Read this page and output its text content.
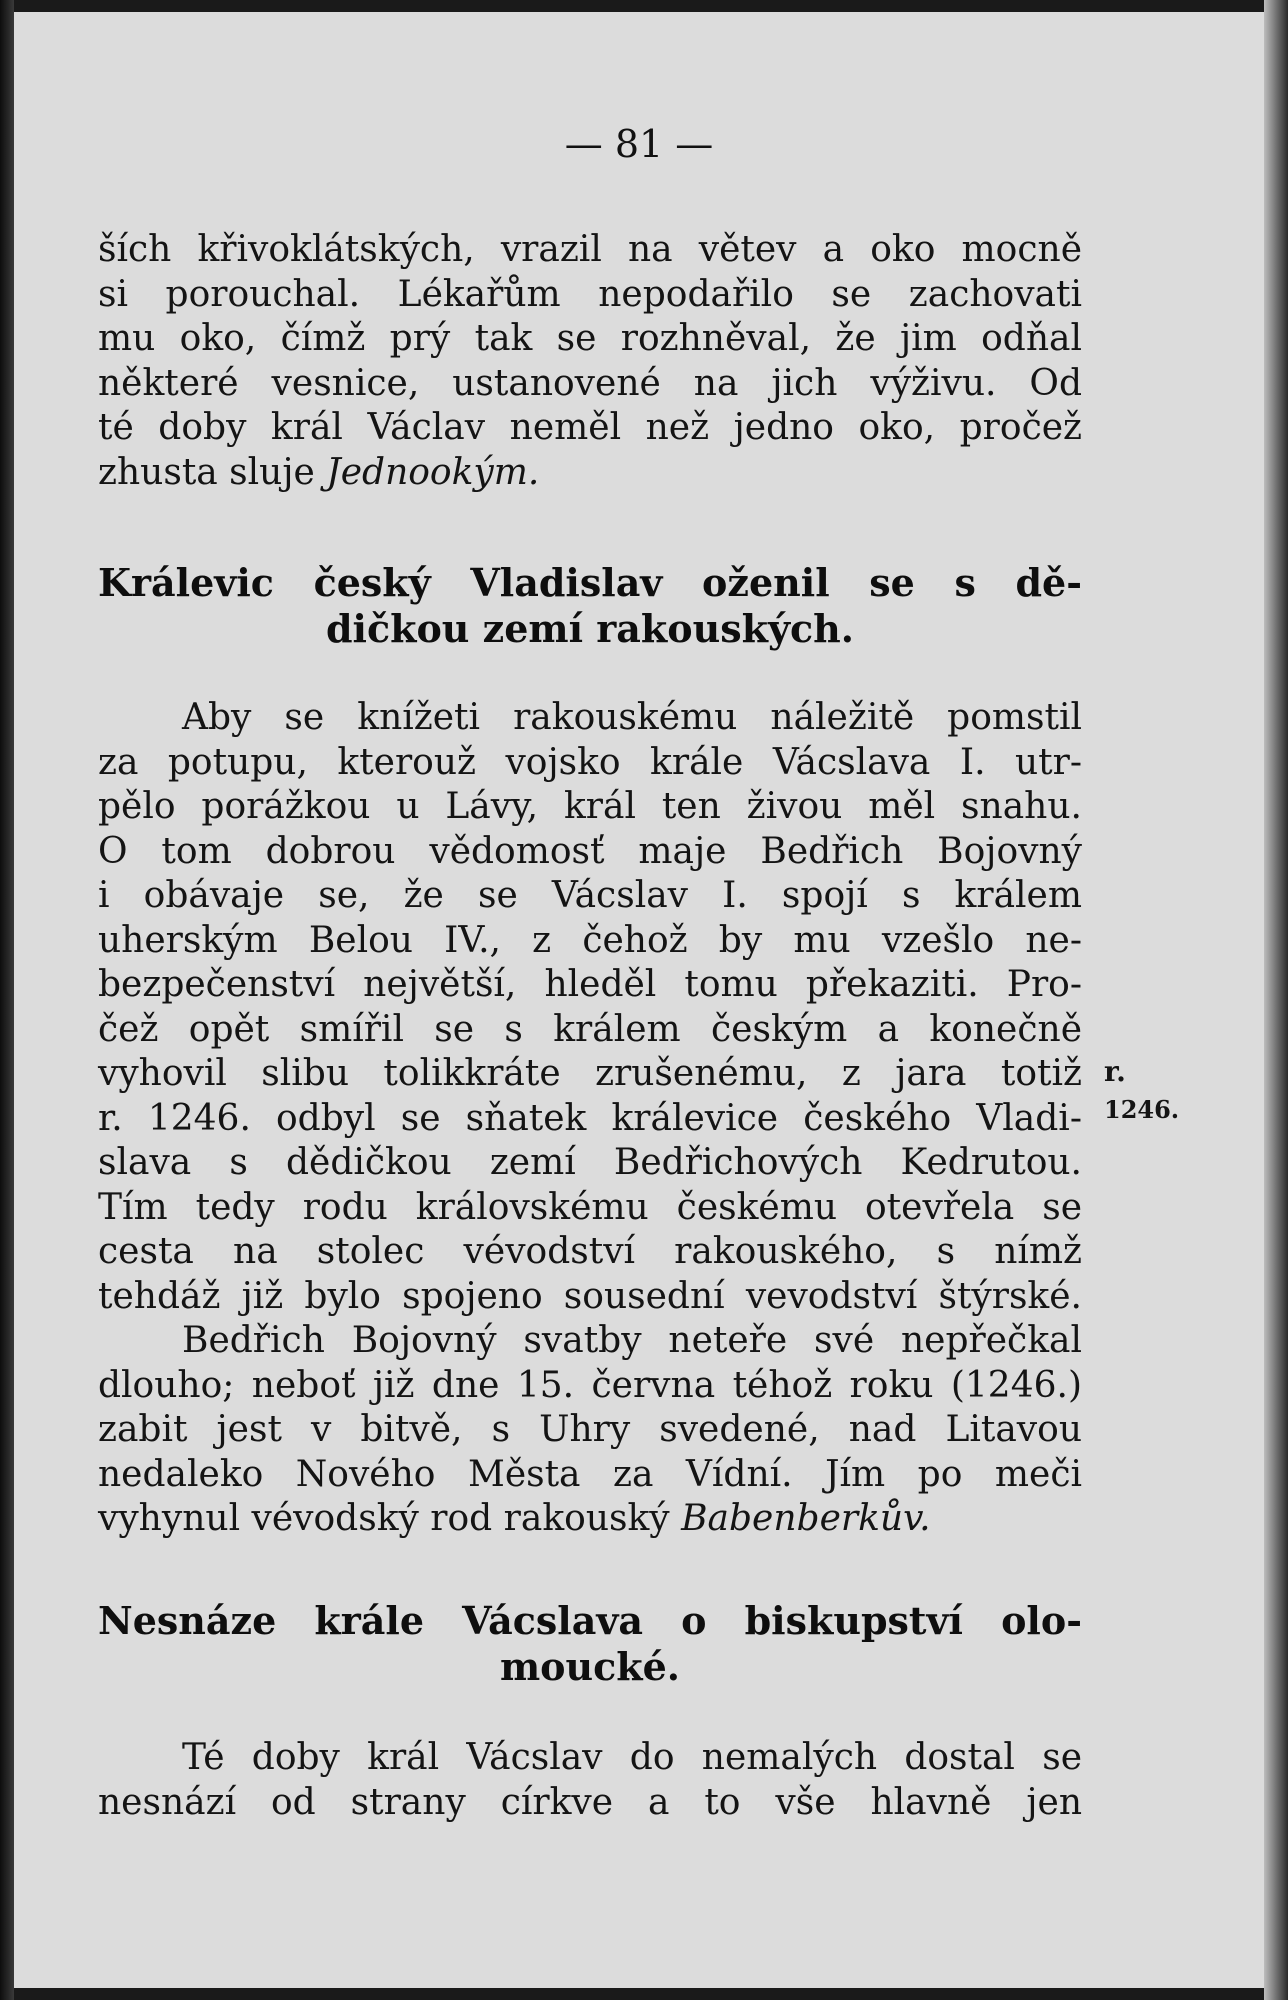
— 81 —
ších křivoklátských, vrazil na větev a oko mocně
si porouchal. Lékařům nepodařilo se zachovati
mu oko, čímž prý tak se rozhněval, že jim odňal
některé vesnice, ustanovené na jich výživu. Od
té doby král Václav neměl než jedno oko, pročež
zhusta sluje Jednookým.
Králevic český Vladislav oženil se s dě-
dičkou zemí rakouských.
Aby se knížeti rakouskému náležitě pomstil
za potupu, kterouž vojsko krále Vácslava I. utr-
pělo porážkou u Lávy, král ten živou měl snahu.
O tom dobrou vědomosť maje Bedřich Bojovný
i obávaje se, že se Vácslav I. spojí s králem
uherským Belou IV., z čehož by mu vzešlo ne-
bezpečenství největší, hleděl tomu překaziti. Pro-
čež opět smířil se s králem českým a konečně
vyhovil slibu tolikkráte zrušenému, z jara totiž
r. 1246. odbyl se sňatek králevice českého Vladi-
slava s dědičkou zemí Bedřichových Kedrutou.
Tím tedy rodu královskému českému otevřela se
cesta na stolec vévodství rakouského, s nímž
tehdáž již bylo spojeno sousední vevodství štýrské.
Bedřich Bojovný svatby neteře své nepřečkal
dlouho; neboť již dne 15. června téhož roku (1246.)
zabit jest v bitvě, s Uhry svedené, nad Litavou
nedaleko Nového Města za Vídní. Jím po meči
vyhynul vévodský rod rakouský Babenberkův.
r.
1246.
Nesnáze krále Vácslava o biskupství olo-
moucké.
Té doby král Vácslav do nemalých dostal se
nesnází od strany církve a to vše hlavně jen
